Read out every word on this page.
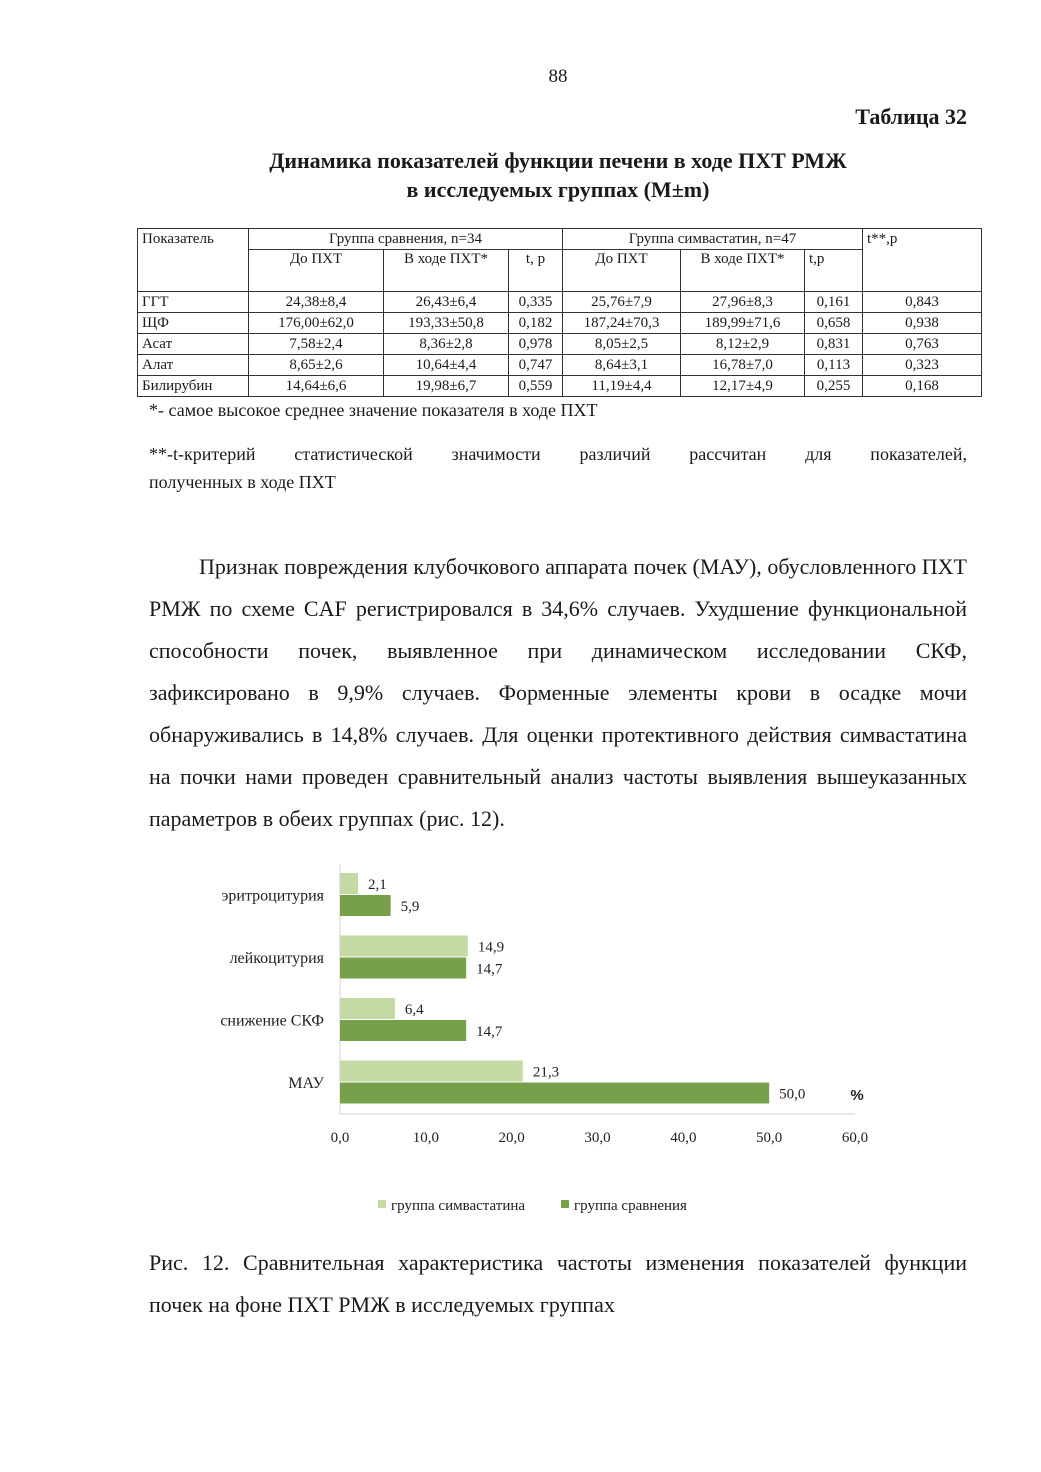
88
Таблица 32
Динамика показателей функции печени в ходе ПХТ РМЖ
в исследуемых группах (M±m)
Показатель	Группа сравнения, n=34			Группа симвастатин, n=47			t**,p
	До ПХТ	В ходе ПХТ*	t, p	До ПХТ	В ходе ПХТ*	t,p	
ГГТ	24,38±8,4	26,43±6,4	0,335	25,76±7,9	27,96±8,3	0,161	0,843
ЩФ	176,00±62,0	193,33±50,8	0,182	187,24±70,3	189,99±71,6	0,658	0,938
Асат	7,58±2,4	8,36±2,8	0,978	8,05±2,5	8,12±2,9	0,831	0,763
Алат	8,65±2,6	10,64±4,4	0,747	8,64±3,1	16,78±7,0	0,113	0,323
Билирубин	14,64±6,6	19,98±6,7	0,559	11,19±4,4	12,17±4,9	0,255	0,168
*- самое высокое среднее значение показателя в ходе ПХТ
**-t-критерий статистической значимости различий рассчитан для показателей,
полученных в ходе ПХТ
Признак повреждения клубочкового аппарата почек (МАУ), обусловленного ПХТ РМЖ по схеме CAF регистрировался в 34,6% случаев. Ухудшение функциональной способности почек, выявленное при динамическом исследовании СКФ, зафиксировано в 9,9% случаев. Форменные элементы крови в осадке мочи обнаруживались в 14,8% случаев. Для оценки протективного действия симвастатина на почки нами проведен сравнительный анализ частоты выявления вышеуказанных параметров в обеих группах (рис. 12).
эритроцитурия
2,1
5,9
лейкоцитурия
14,9
14,7
снижение СКФ
6,4
14,7
МАУ
21,3
50,0
0,0	10,0	20,0	30,0	40,0	50,0	60,0
%
группа симвастатина	группа сравнения
Рис. 12. Сравнительная характеристика частоты изменения показателей функции почек на фоне ПХТ РМЖ в исследуемых группах
